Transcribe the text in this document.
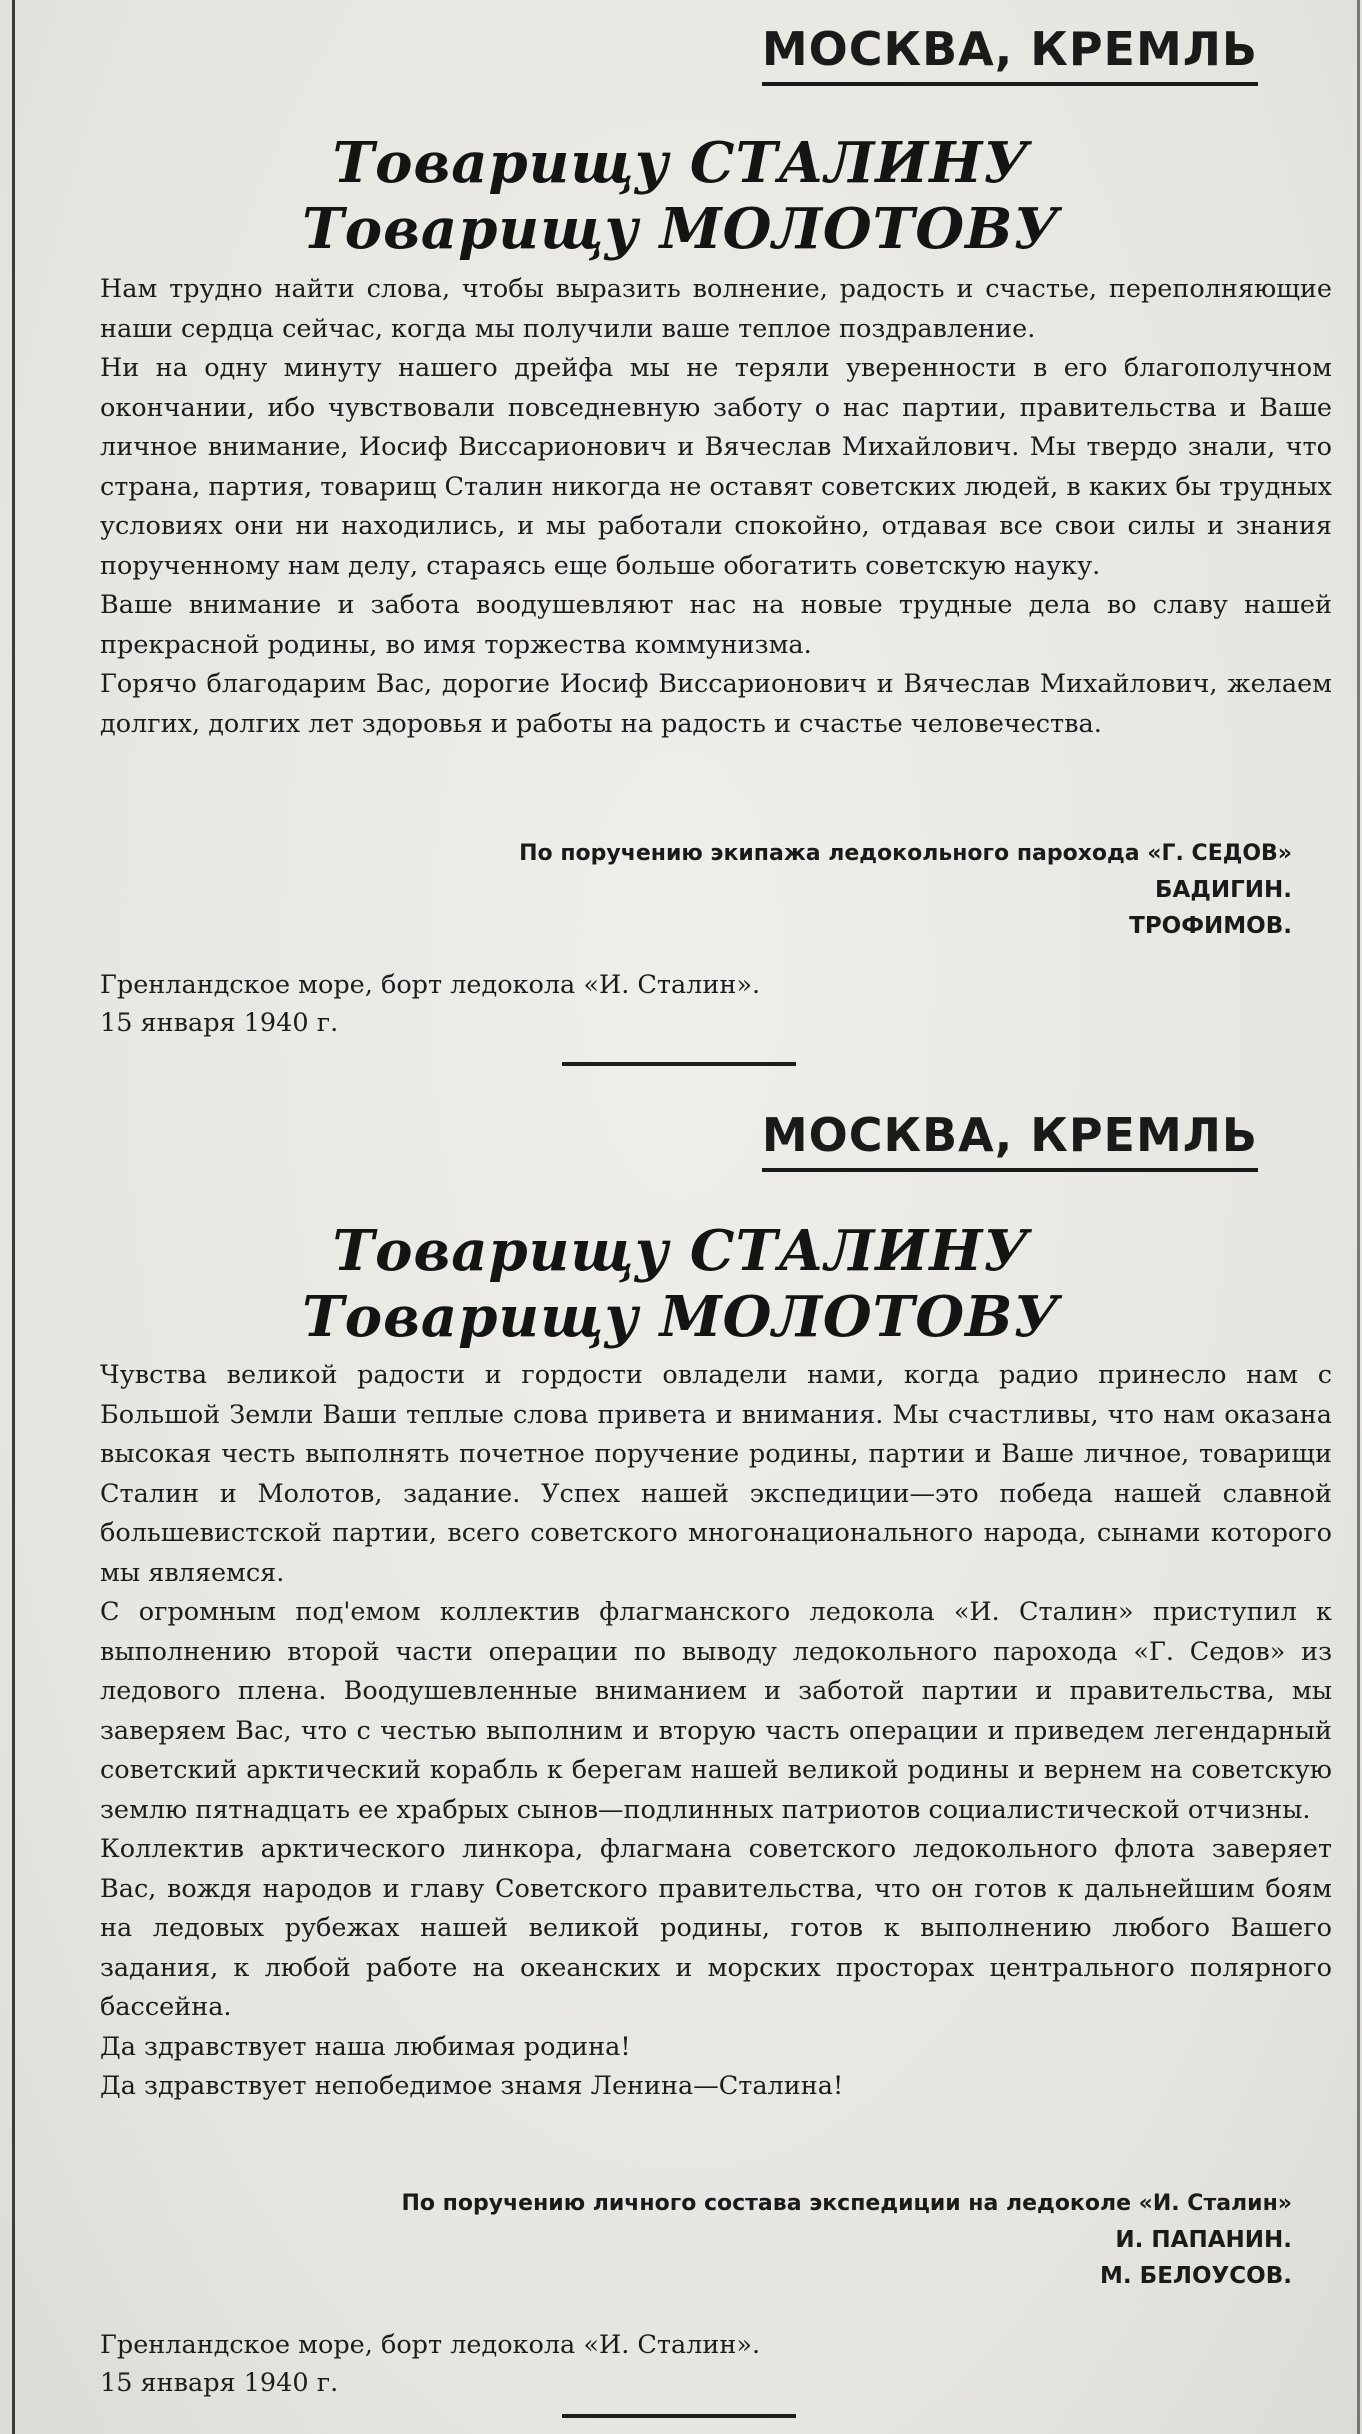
МОСКВА, КРЕМЛЬ
Товарищу СТАЛИНУ
Товарищу МОЛОТОВУ

Нам трудно найти слова, чтобы выразить волнение, радость и счастье, переполняющие наши сердца сейчас, когда мы получили ваше теплое поздравление.

Ни на одну минуту нашего дрейфа мы не теряли уверенности в его благополучном окончании, ибо чувствовали повседневную заботу о нас партии, правительства и Ваше личное внимание, Иосиф Виссарионович и Вячеслав Михайлович. Мы твердо знали, что страна, партия, товарищ Сталин никогда не оставят советских людей, в каких бы трудных условиях они ни находились, и мы работали спокойно, отдавая все свои силы и знания порученному нам делу, стараясь еще больше обогатить советскую науку.

Ваше внимание и забота воодушевляют нас на новые трудные дела во славу нашей прекрасной родины, во имя торжества коммунизма.

Горячо благодарим Вас, дорогие Иосиф Виссарионович и Вячеслав Михайлович, желаем долгих, долгих лет здоровья и работы на радость и счастье человечества.

По поручению экипажа ледокольного парохода «Г. СЕДОВ»
БАДИГИН.
ТРОФИМОВ.
Гренландское море, борт ледокола «И. Сталин».
15 января 1940 г.
МОСКВА, КРЕМЛЬ
Товарищу СТАЛИНУ
Товарищу МОЛОТОВУ

Чувства великой радости и гордости овладели нами, когда радио принесло нам с Большой Земли Ваши теплые слова привета и внимания. Мы счастливы, что нам оказана высокая честь выполнять почетное поручение родины, партии и Ваше личное, товарищи Сталин и Молотов, задание. Успех нашей экспедиции—это победа нашей славной большевистской партии, всего советского многонационального народа, сынами которого мы являемся.

С огромным под'емом коллектив флагманского ледокола «И. Сталин» приступил к выполнению второй части операции по выводу ледокольного парохода «Г. Седов» из ледового плена. Воодушевленные вниманием и заботой партии и правительства, мы заверяем Вас, что с честью выполним и вторую часть операции и приведем легендарный советский арктический корабль к берегам нашей великой родины и вернем на советскую землю пятнадцать ее храбрых сынов—подлинных патриотов социалистической отчизны.

Коллектив арктического линкора, флагмана советского ледокольного флота заверяет Вас, вождя народов и главу Советского правительства, что он готов к дальнейшим боям на ледовых рубежах нашей великой родины, готов к выполнению любого Вашего задания, к любой работе на океанских и морских просторах центрального полярного бассейна.

Да здравствует наша любимая родина!

Да здравствует непобедимое знамя Ленина—Сталина!

По поручению личного состава экспедиции на ледоколе «И. Сталин»
И. ПАПАНИН.
М. БЕЛОУСОВ.
Гренландское море, борт ледокола «И. Сталин».
15 января 1940 г.
